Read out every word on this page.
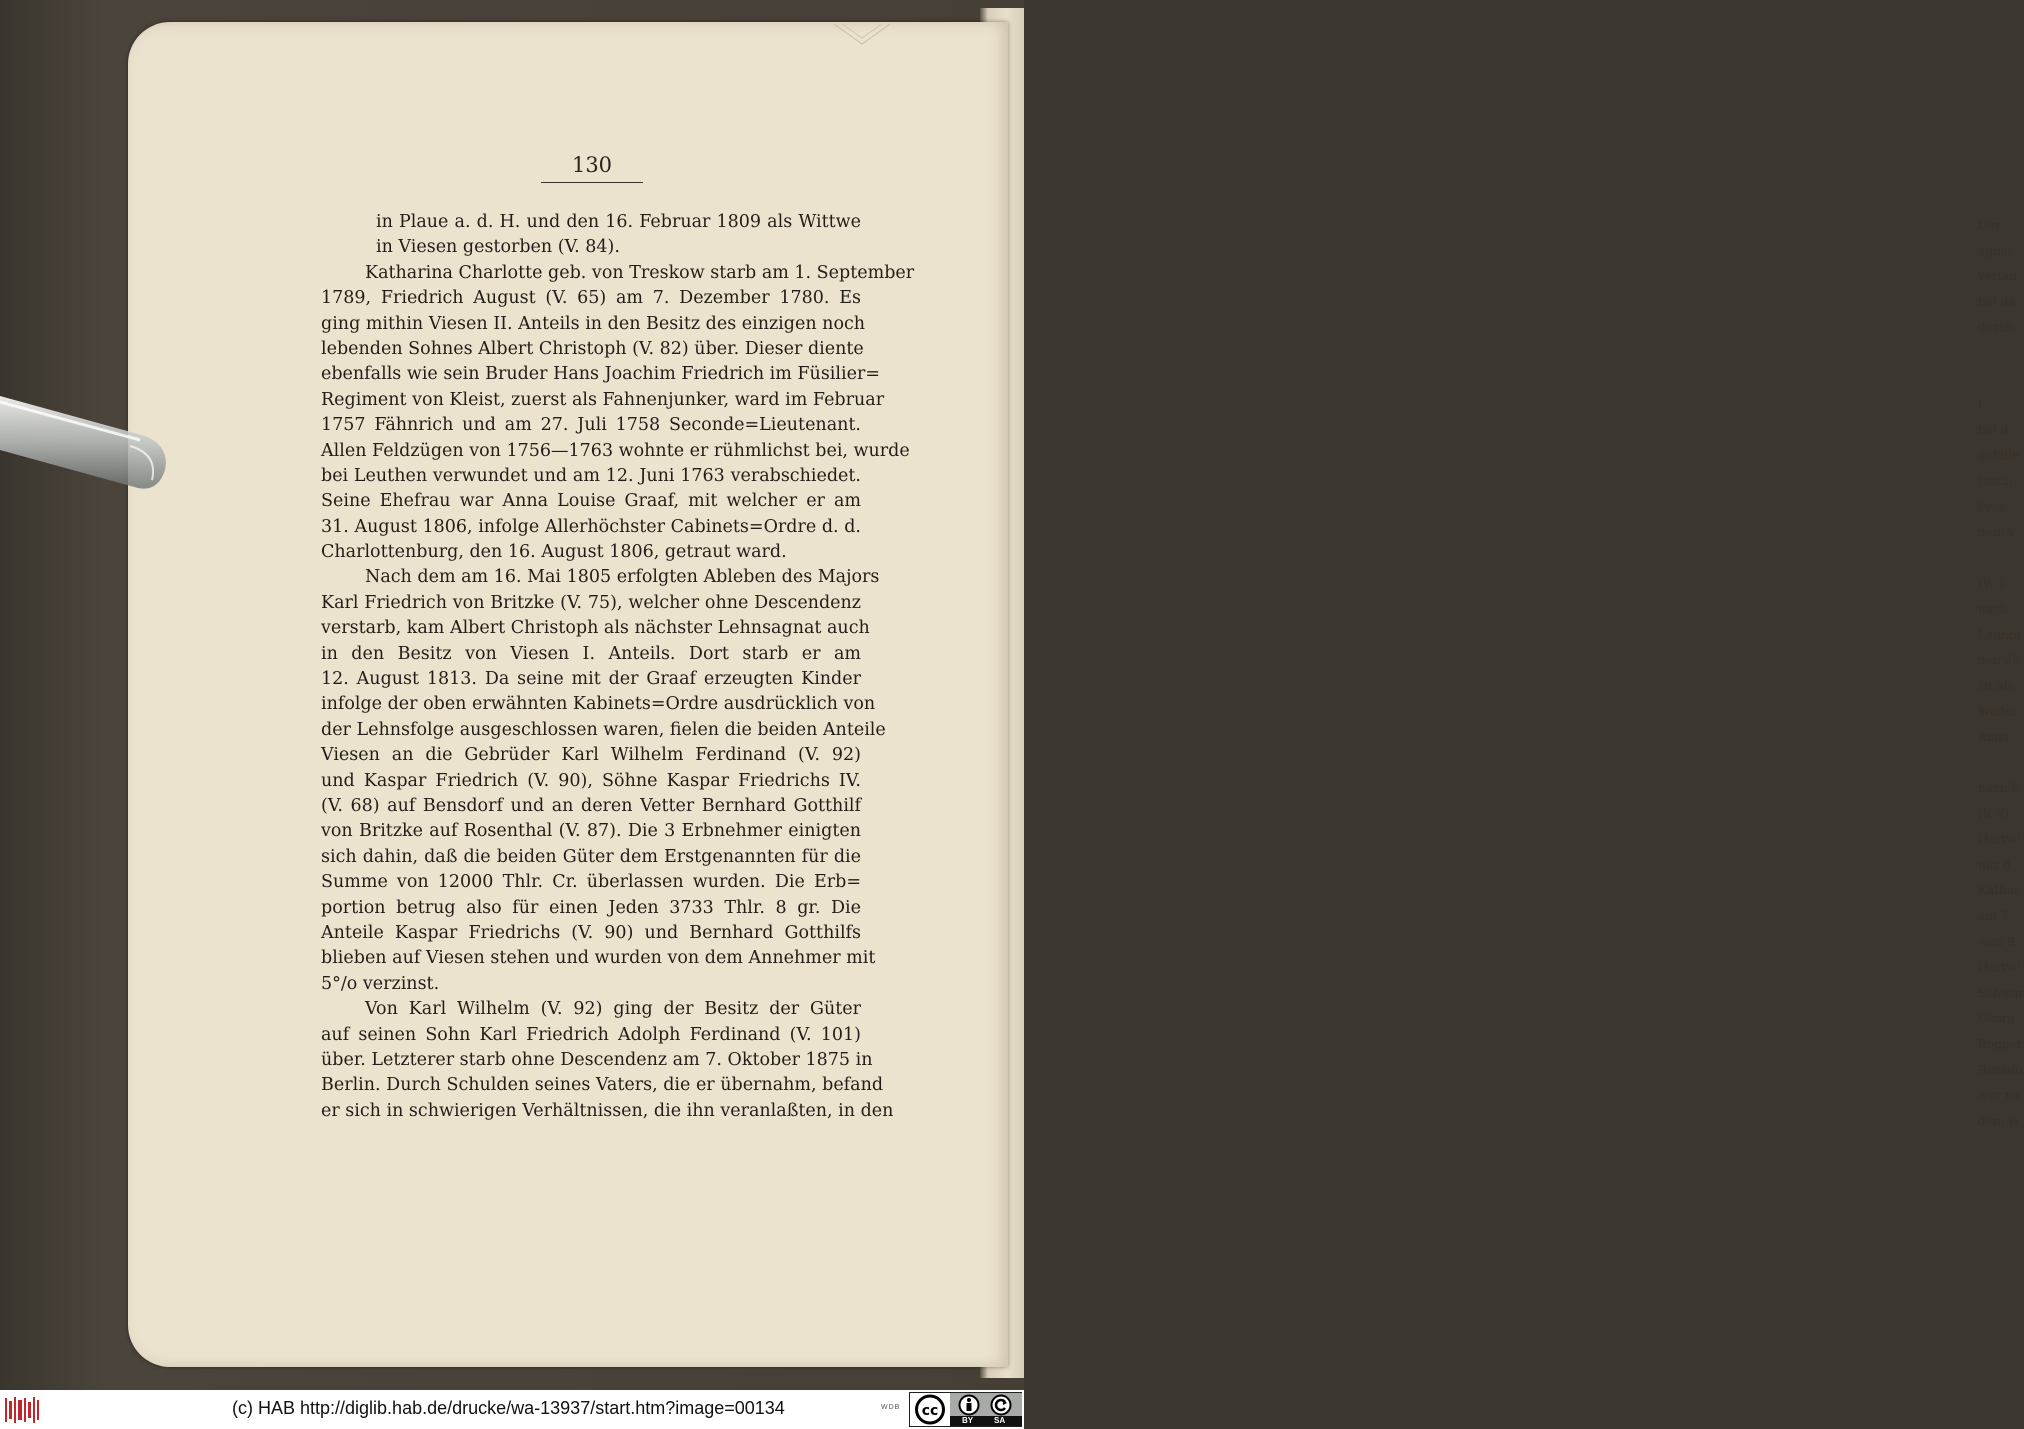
Der
agnat
verfau
bei de
durch
(
bei d
gefalle
(nach
Prov.
dem v
(V. 3
nach
Lehnbr
den 28
ist als
Weiter
Anna
nach F
(V. 2)
Hartwi
nur d
Kathar
auf K
vom 9.
Hartwi
Schwar
Georg
Rogger
Bensdo
wor na
dem W
130
in Plaue a. d. H. und den 16. Februar 1809 als Wittwe
in Viesen gestorben (V. 84).
Katharina Charlotte geb. von Treskow starb am 1. September
1789, Friedrich August (V. 65) am 7. Dezember 1780. Es
ging mithin Viesen II. Anteils in den Besitz des einzigen noch
lebenden Sohnes Albert Christoph (V. 82) über. Dieser diente
ebenfalls wie sein Bruder Hans Joachim Friedrich im Füsilier=
Regiment von Kleist, zuerst als Fahnenjunker, ward im Februar
1757 Fähnrich und am 27. Juli 1758 Seconde=Lieutenant.
Allen Feldzügen von 1756—1763 wohnte er rühmlichst bei, wurde
bei Leuthen verwundet und am 12. Juni 1763 verabschiedet.
Seine Ehefrau war Anna Louise Graaf, mit welcher er am
31. August 1806, infolge Allerhöchster Cabinets=Ordre d. d.
Charlottenburg, den 16. August 1806, getraut ward.
Nach dem am 16. Mai 1805 erfolgten Ableben des Majors
Karl Friedrich von Britzke (V. 75), welcher ohne Descendenz
verstarb, kam Albert Christoph als nächster Lehnsagnat auch
in den Besitz von Viesen I. Anteils. Dort starb er am
12. August 1813. Da seine mit der Graaf erzeugten Kinder
infolge der oben erwähnten Kabinets=Ordre ausdrücklich von
der Lehnsfolge ausgeschlossen waren, fielen die beiden Anteile
Viesen an die Gebrüder Karl Wilhelm Ferdinand (V. 92)
und Kaspar Friedrich (V. 90), Söhne Kaspar Friedrichs IV.
(V. 68) auf Bensdorf und an deren Vetter Bernhard Gotthilf
von Britzke auf Rosenthal (V. 87). Die 3 Erbnehmer einigten
sich dahin, daß die beiden Güter dem Erstgenannten für die
Summe von 12000 Thlr. Cr. überlassen wurden. Die Erb=
portion betrug also für einen Jeden 3733 Thlr. 8 gr. Die
Anteile Kaspar Friedrichs (V. 90) und Bernhard Gotthilfs
blieben auf Viesen stehen und wurden von dem Annehmer mit
5°/o verzinst.
Von Karl Wilhelm (V. 92) ging der Besitz der Güter
auf seinen Sohn Karl Friedrich Adolph Ferdinand (V. 101)
über. Letzterer starb ohne Descendenz am 7. Oktober 1875 in
Berlin. Durch Schulden seines Vaters, die er übernahm, befand
er sich in schwierigen Verhältnissen, die ihn veranlaßten, in den
(c) HAB http://diglib.hab.de/drucke/wa-13937/start.htm?image=00134	WDB cc
BY	SA
